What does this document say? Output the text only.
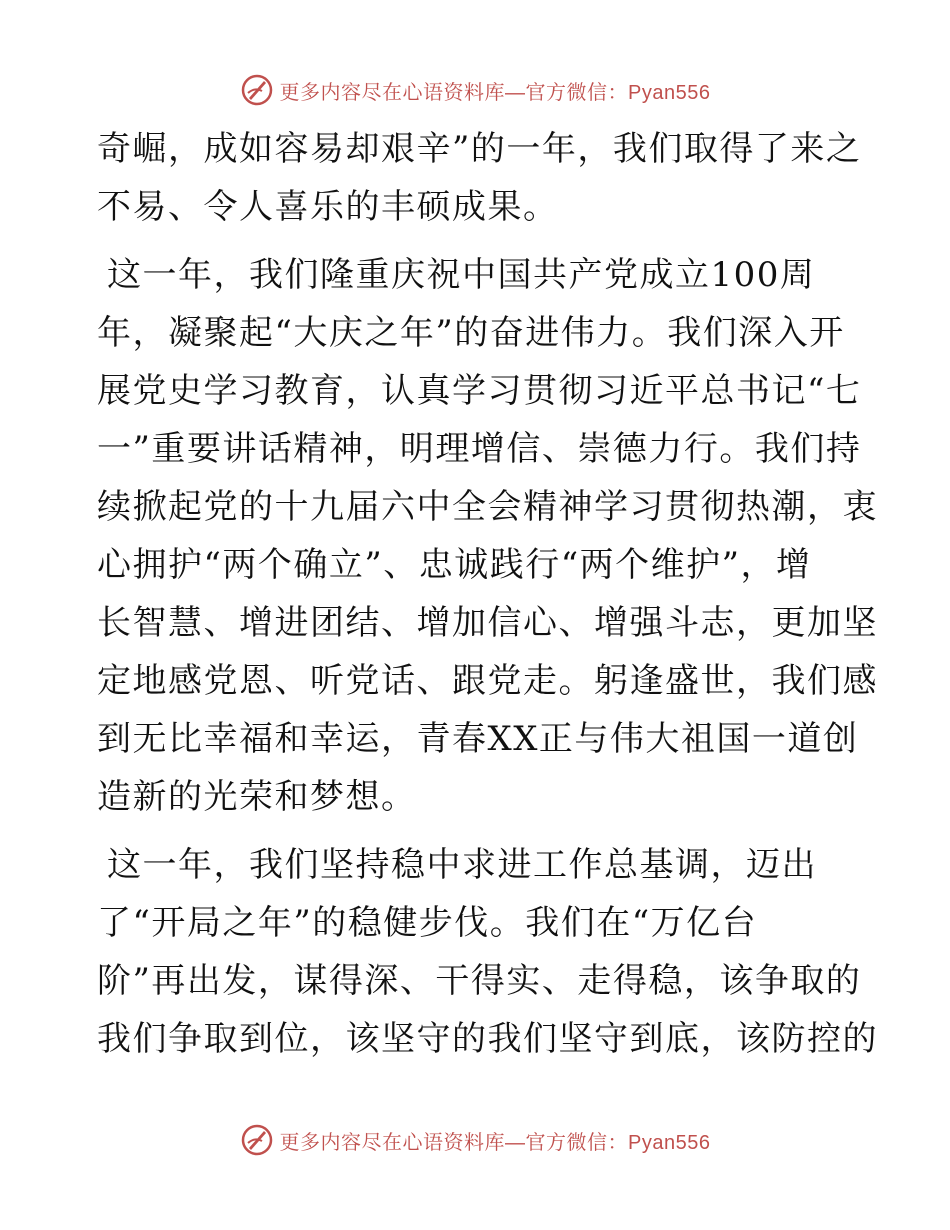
更多内容尽在心语资料库—官方微信：Pyan556

奇崛，成如容易却艰辛”的一年，我们取得了来之
不易、令人喜乐的丰硕成果。

这一年，我们隆重庆祝中国共产党成立100周
年，凝聚起“大庆之年”的奋进伟力。我们深入开
展党史学习教育，认真学习贯彻习近平总书记“七
一”重要讲话精神，明理增信、崇德力行。我们持
续掀起党的十九届六中全会精神学习贯彻热潮，衷
心拥护“两个确立”、忠诚践行“两个维护”，增
长智慧、增进团结、增加信心、增强斗志，更加坚
定地感党恩、听党话、跟党走。躬逢盛世，我们感
到无比幸福和幸运，青春XX正与伟大祖国一道创
造新的光荣和梦想。

这一年，我们坚持稳中求进工作总基调，迈出
了“开局之年”的稳健步伐。我们在“万亿台
阶”再出发，谋得深、干得实、走得稳，该争取的
我们争取到位，该坚守的我们坚守到底，该防控的

更多内容尽在心语资料库—官方微信：Pyan556
